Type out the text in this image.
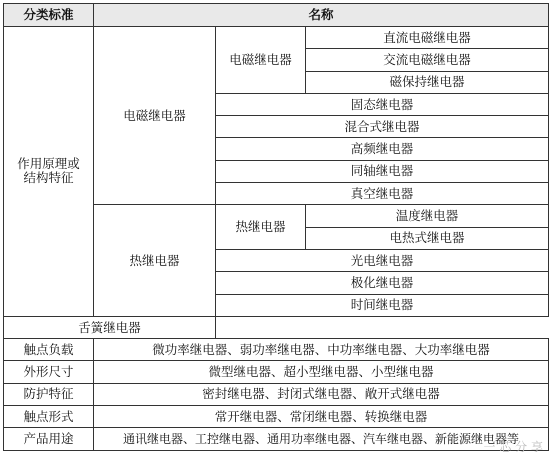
分类标准	名称		
作用原理或结构特征	电磁继电器	电磁继电器	直流电磁继电器
			交流电磁继电器
			磁保持继电器
		固态继电器	
		混合式继电器	
		高频继电器	
		同轴继电器	
		真空继电器	
	热继电器	热继电器	温度继电器
			电热式继电器
		光电继电器	
		极化继电器	
		时间继电器	
舌簧继电器			
触点负载	微功率继电器、弱功率继电器、中功率继电器、大功率继电器		
外形尺寸	微型继电器、超小型继电器、小型继电器		
防护特征	密封继电器、封闭式继电器、敞开式继电器		
触点形式	常开继电器、常闭继电器、转换继电器		
产品用途	通讯继电器、工控继电器、通用功率继电器、汽车继电器、新能源继电器等		
一 芯 分 享
